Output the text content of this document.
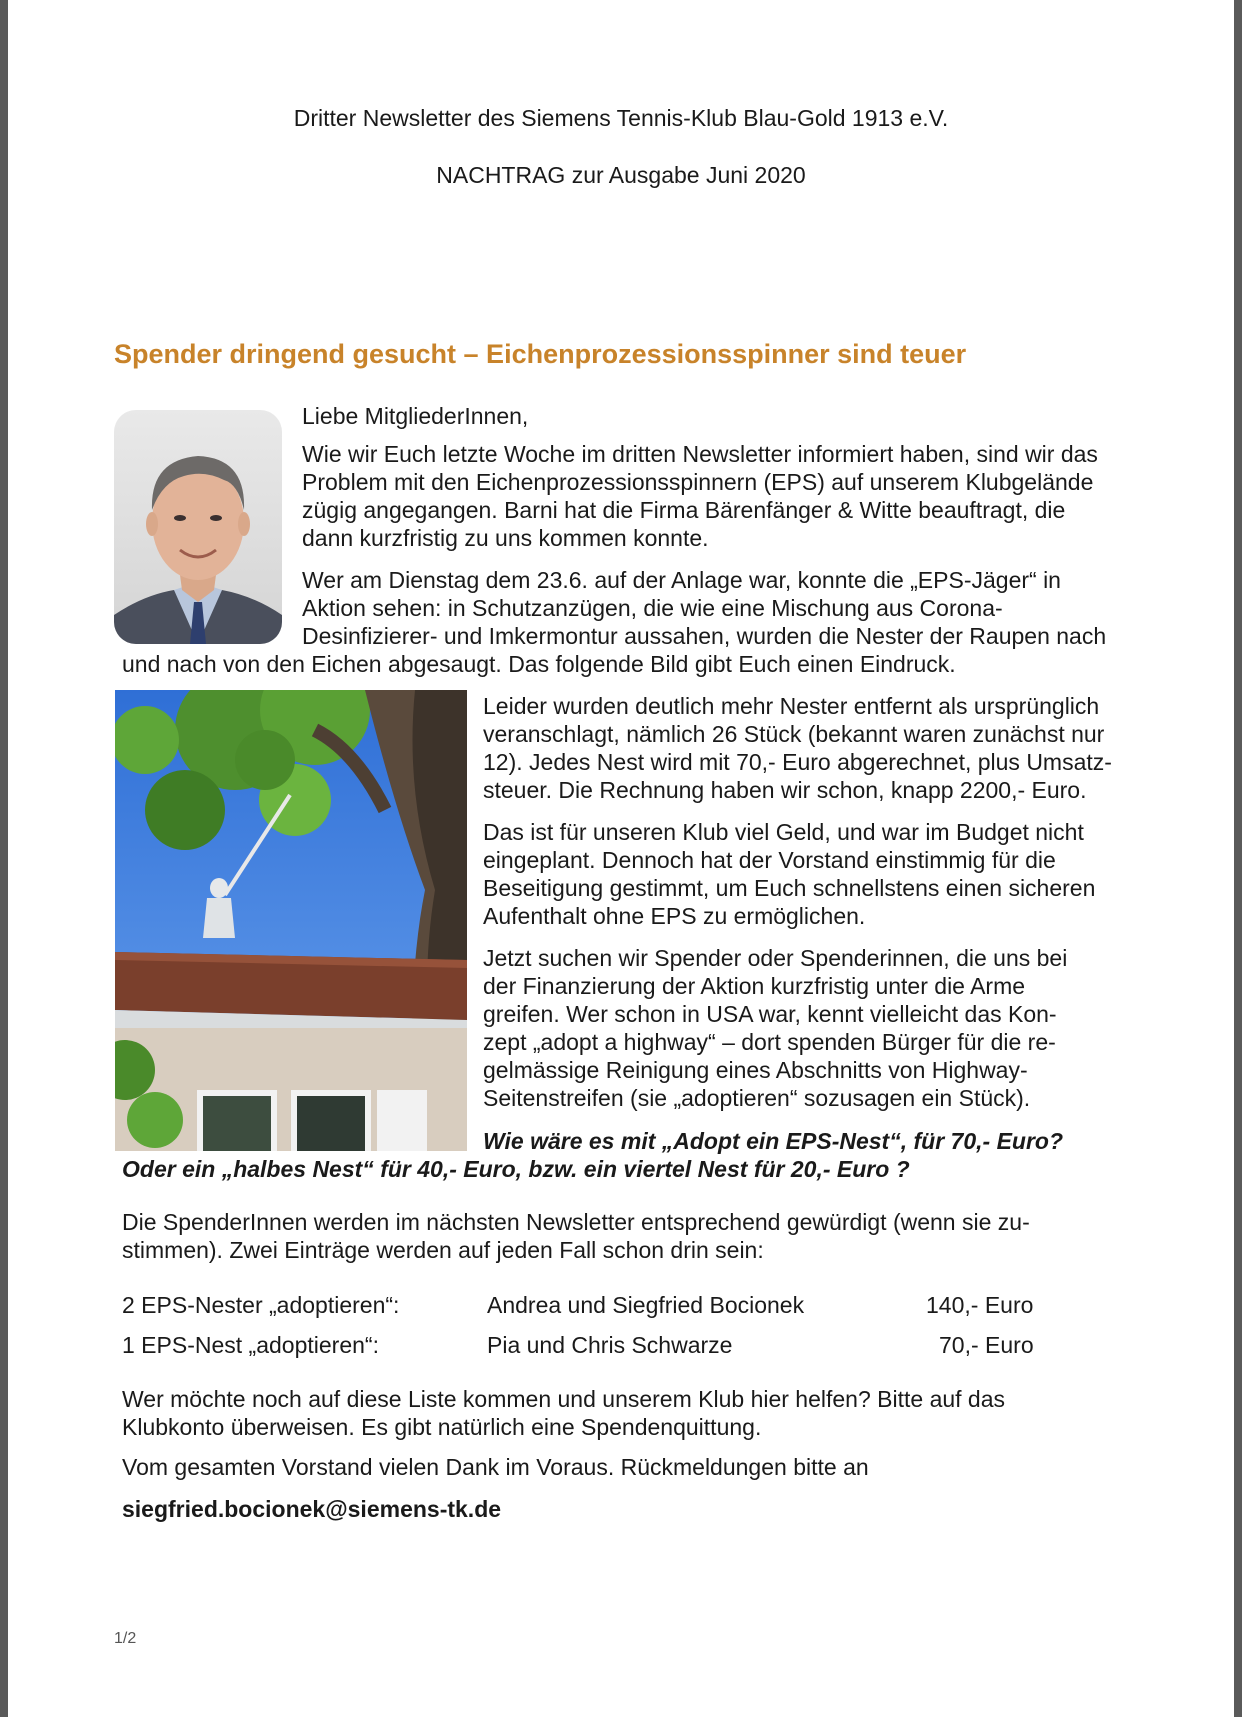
Dritter Newsletter des Siemens Tennis-Klub Blau-Gold 1913 e.V.
NACHTRAG zur Ausgabe Juni 2020
Spender dringend gesucht – Eichenprozessionsspinner sind teuer
Liebe MitgliederInnen,
Wie wir Euch letzte Woche im dritten Newsletter informiert haben, sind wir das
Problem mit den Eichenprozessionsspinnern (EPS) auf unserem Klubgelände
zügig angegangen. Barni hat die Firma Bärenfänger & Witte beauftragt, die
dann kurzfristig zu uns kommen konnte.
Wer am Dienstag dem 23.6. auf der Anlage war, konnte die „EPS-Jäger“ in
Aktion sehen: in Schutzanzügen, die wie eine Mischung aus Corona-
Desinfizierer- und Imkermontur aussahen, wurden die Nester der Raupen nach
und nach von den Eichen abgesaugt. Das folgende Bild gibt Euch einen Eindruck.
Leider wurden deutlich mehr Nester entfernt als ursprünglich
veranschlagt, nämlich 26 Stück (bekannt waren zunächst nur
12). Jedes Nest wird mit 70,- Euro abgerechnet, plus Umsatz-
steuer. Die Rechnung haben wir schon, knapp 2200,- Euro.
Das ist für unseren Klub viel Geld, und war im Budget nicht
eingeplant. Dennoch hat der Vorstand einstimmig für die
Beseitigung gestimmt, um Euch schnellstens einen sicheren
Aufenthalt ohne EPS zu ermöglichen.
Jetzt suchen wir Spender oder Spenderinnen, die uns bei
der Finanzierung der Aktion kurzfristig unter die Arme
greifen. Wer schon in USA war, kennt vielleicht das Kon-
zept „adopt a highway“ – dort spenden Bürger für die re-
gelmässige Reinigung eines Abschnitts von Highway-
Seitenstreifen (sie „adoptieren“ sozusagen ein Stück).
Wie wäre es mit „Adopt ein EPS-Nest“, für 70,- Euro?
Oder ein „halbes Nest“ für 40,- Euro, bzw. ein viertel Nest für 20,- Euro ?
Die SpenderInnen werden im nächsten Newsletter entsprechend gewürdigt (wenn sie zu-
stimmen). Zwei Einträge werden auf jeden Fall schon drin sein:
2 EPS-Nester „adoptieren“:	Andrea und Siegfried Bocionek	140,- Euro
1 EPS-Nest „adoptieren“:	Pia und Chris Schwarze	70,- Euro
Wer möchte noch auf diese Liste kommen und unserem Klub hier helfen? Bitte auf das
Klubkonto überweisen. Es gibt natürlich eine Spendenquittung.
Vom gesamten Vorstand vielen Dank im Voraus. Rückmeldungen bitte an
siegfried.bocionek@siemens-tk.de
1/2
